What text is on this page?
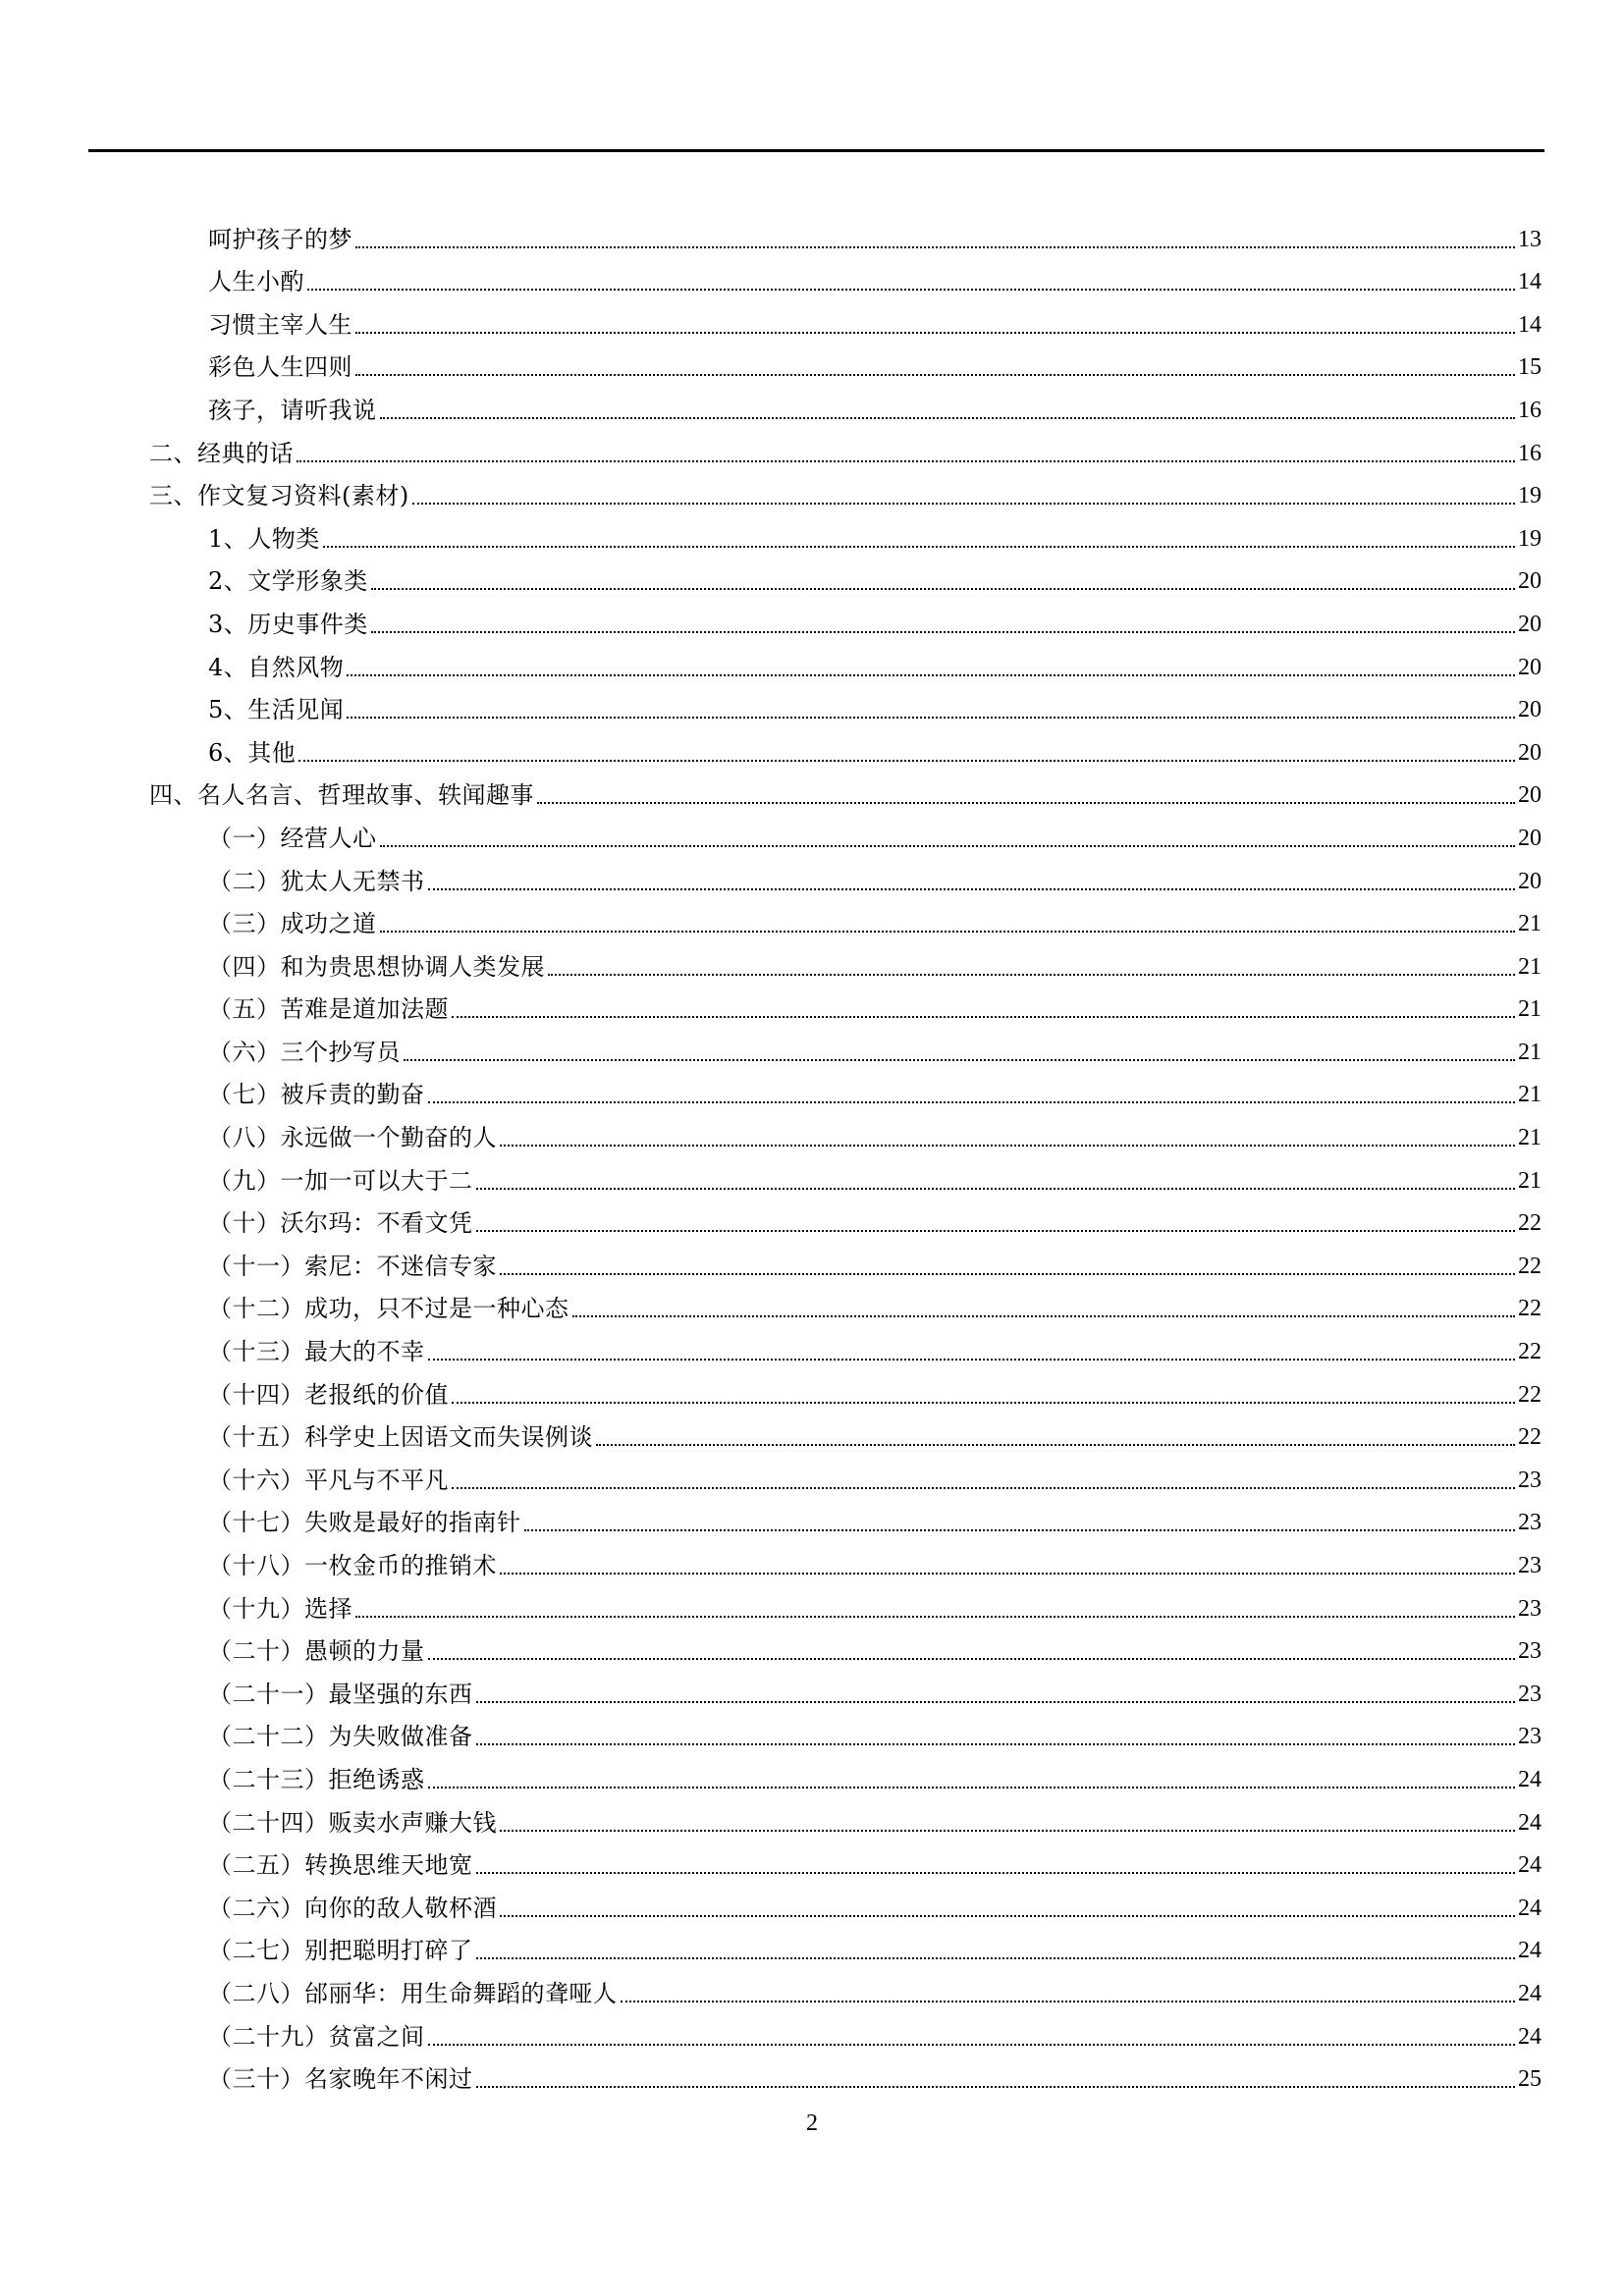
呵护孩子的梦	13
人生小酌	14
习惯主宰人生	14
彩色人生四则	15
孩子，请听我说	16
二、经典的话	16
三、作文复习资料(素材)	19
1、人物类	19
2、文学形象类	20
3、历史事件类	20
4、自然风物	20
5、生活见闻	20
6、其他	20
四、名人名言、哲理故事、轶闻趣事	20
（一）经营人心	20
（二）犹太人无禁书	20
（三）成功之道	21
（四）和为贵思想协调人类发展	21
（五）苦难是道加法题	21
（六）三个抄写员	21
（七）被斥责的勤奋	21
（八）永远做一个勤奋的人	21
（九）一加一可以大于二	21
（十）沃尔玛：不看文凭	22
（十一）索尼：不迷信专家	22
（十二）成功，只不过是一种心态	22
（十三）最大的不幸	22
（十四）老报纸的价值	22
（十五）科学史上因语文而失误例谈	22
（十六）平凡与不平凡	23
（十七）失败是最好的指南针	23
（十八）一枚金币的推销术	23
（十九）选择	23
（二十）愚顿的力量	23
（二十一）最坚强的东西	23
（二十二）为失败做准备	23
（二十三）拒绝诱惑	24
（二十四）贩卖水声赚大钱	24
（二五）转换思维天地宽	24
（二六）向你的敌人敬杯酒	24
（二七）别把聪明打碎了	24
（二八）邰丽华：用生命舞蹈的聋哑人	24
（二十九）贫富之间	24
（三十）名家晚年不闲过	25
2
